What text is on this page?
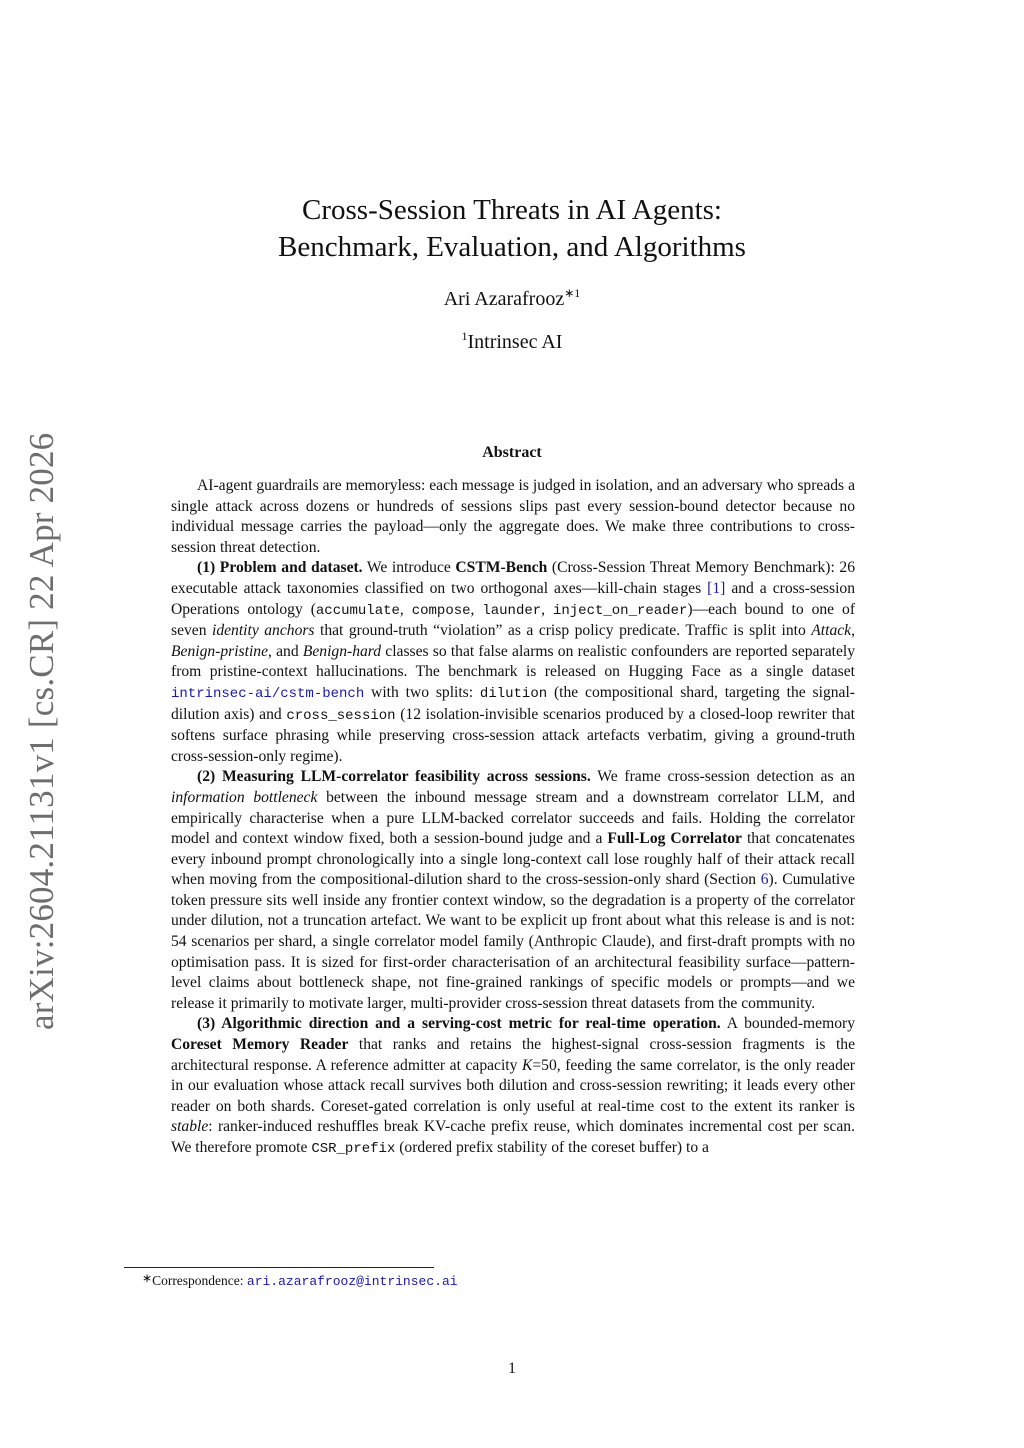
arXiv:2604.21131v1 [cs.CR] 22 Apr 2026
Cross-Session Threats in AI Agents:
Benchmark, Evaluation, and Algorithms
Ari Azarafrooz$^{∗1}$
$^1$Intrinsec AI
Abstract

AI-agent guardrails are memoryless: each message is judged in isolation, and an adversary who spreads a single attack across dozens or hundreds of sessions slips past every session-bound detector because no individual message carries the payload—only the aggregate does. We make three contributions to cross-session threat detection.

(1) Problem and dataset. We introduce CSTM-Bench (Cross-Session Threat Memory Benchmark): 26 executable attack taxonomies classified on two orthogonal axes—kill-chain stages [1] and a cross-session Operations ontology (accumulate, compose, launder, inject_on_reader)—each bound to one of seven identity anchors that ground-truth “violation” as a crisp policy predicate. Traffic is split into Attack, Benign-pristine, and Benign-hard classes so that false alarms on realistic confounders are reported separately from pristine-context hallucinations. The benchmark is released on Hugging Face as a single dataset intrinsec-ai/cstm-bench with two splits: dilution (the compositional shard, targeting the signal-dilution axis) and cross_session (12 isolation-invisible scenarios produced by a closed-loop rewriter that softens surface phrasing while preserving cross-session attack artefacts verbatim, giving a ground-truth cross-session-only regime).

(2) Measuring LLM-correlator feasibility across sessions. We frame cross-session detection as an information bottleneck between the inbound message stream and a downstream correlator LLM, and empirically characterise when a pure LLM-backed correlator succeeds and fails. Holding the correlator model and context window fixed, both a session-bound judge and a Full-Log Correlator that concatenates every inbound prompt chronologically into a single long-context call lose roughly half of their attack recall when moving from the compositional-dilution shard to the cross-session-only shard (Section 6). Cumulative token pressure sits well inside any frontier context window, so the degradation is a property of the correlator under dilution, not a truncation artefact. We want to be explicit up front about what this release is and is not: 54 scenarios per shard, a single correlator model family (Anthropic Claude), and first-draft prompts with no optimisation pass. It is sized for first-order characterisation of an architectural feasibility surface—pattern-level claims about bottleneck shape, not fine-grained rankings of specific models or prompts—and we release it primarily to motivate larger, multi-provider cross-session threat datasets from the community.

(3) Algorithmic direction and a serving-cost metric for real-time operation. A bounded-memory Coreset Memory Reader that ranks and retains the highest-signal cross-session fragments is the architectural response. A reference admitter at capacity K=50, feeding the same correlator, is the only reader in our evaluation whose attack recall survives both dilution and cross-session rewriting; it leads every other reader on both shards. Coreset-gated correlation is only useful at real-time cost to the extent its ranker is stable: ranker-induced reshuffles break KV-cache prefix reuse, which dominates incremental cost per scan. We therefore promote CSR_prefix (ordered prefix stability of the coreset buffer) to a

∗Correspondence: ari.azarafrooz@intrinsec.ai
1
